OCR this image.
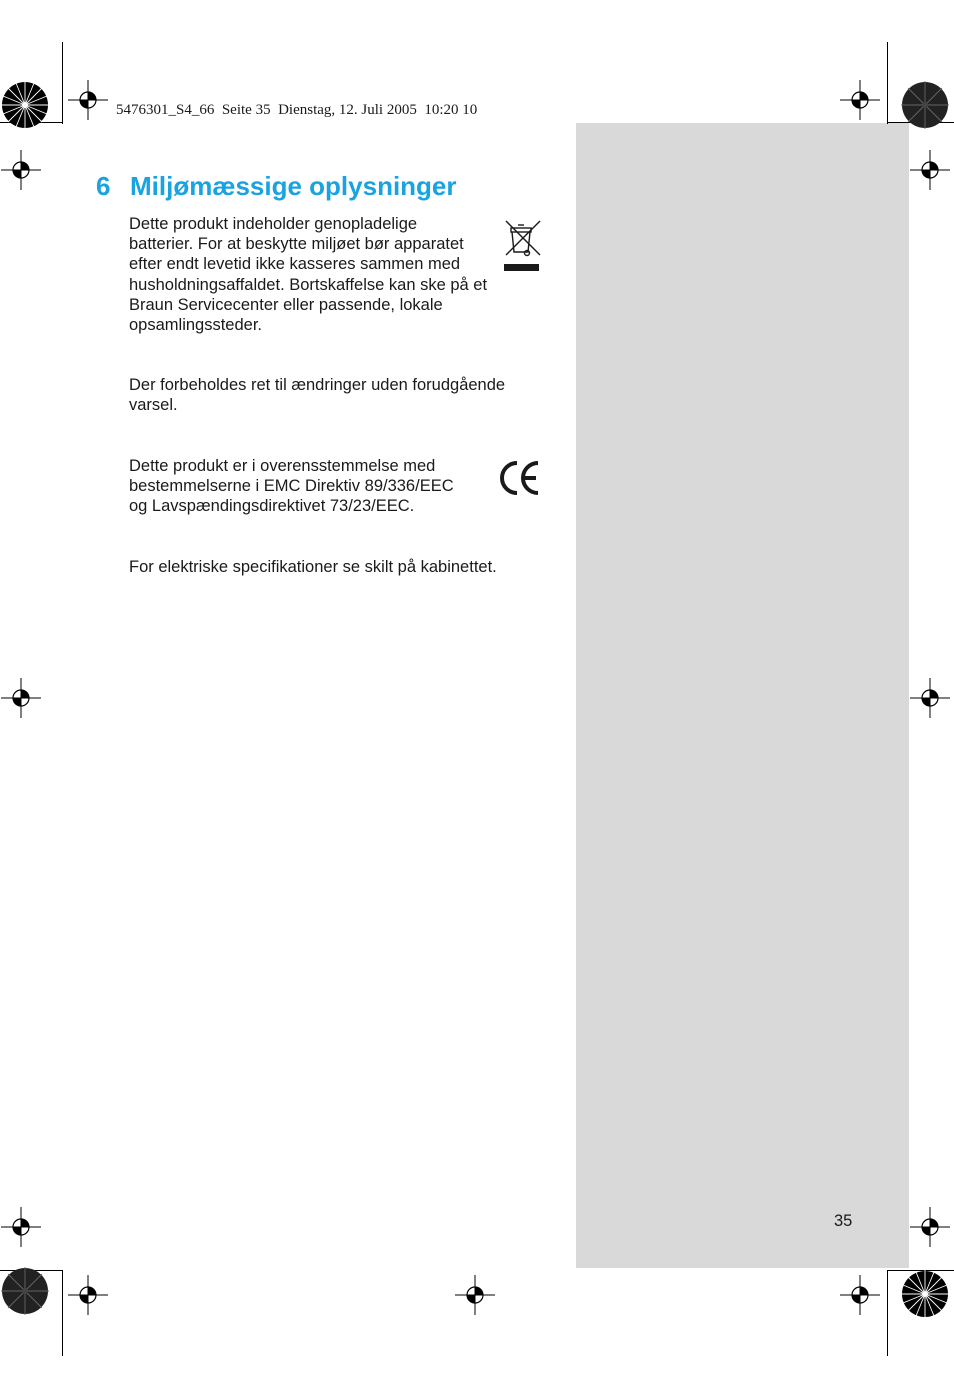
5476301_S4_66  Seite 35  Dienstag, 12. Juli 2005  10:20 10
6 Miljømæssige oplysninger

Dette produkt indeholder genopladelige
batterier. For at beskytte miljøet bør apparatet
efter endt levetid ikke kasseres sammen med
husholdningsaffaldet. Bortskaffelse kan ske på et
Braun Servicecenter eller passende, lokale
opsamlingssteder.

Der forbeholdes ret til ændringer uden forudgående
varsel.

Dette produkt er i overensstemmelse med
bestemmelserne i EMC Direktiv 89/336/EEC
og Lavspændingsdirektivet 73/23/EEC.

For elektriske specifikationer se skilt på kabinettet.

35
